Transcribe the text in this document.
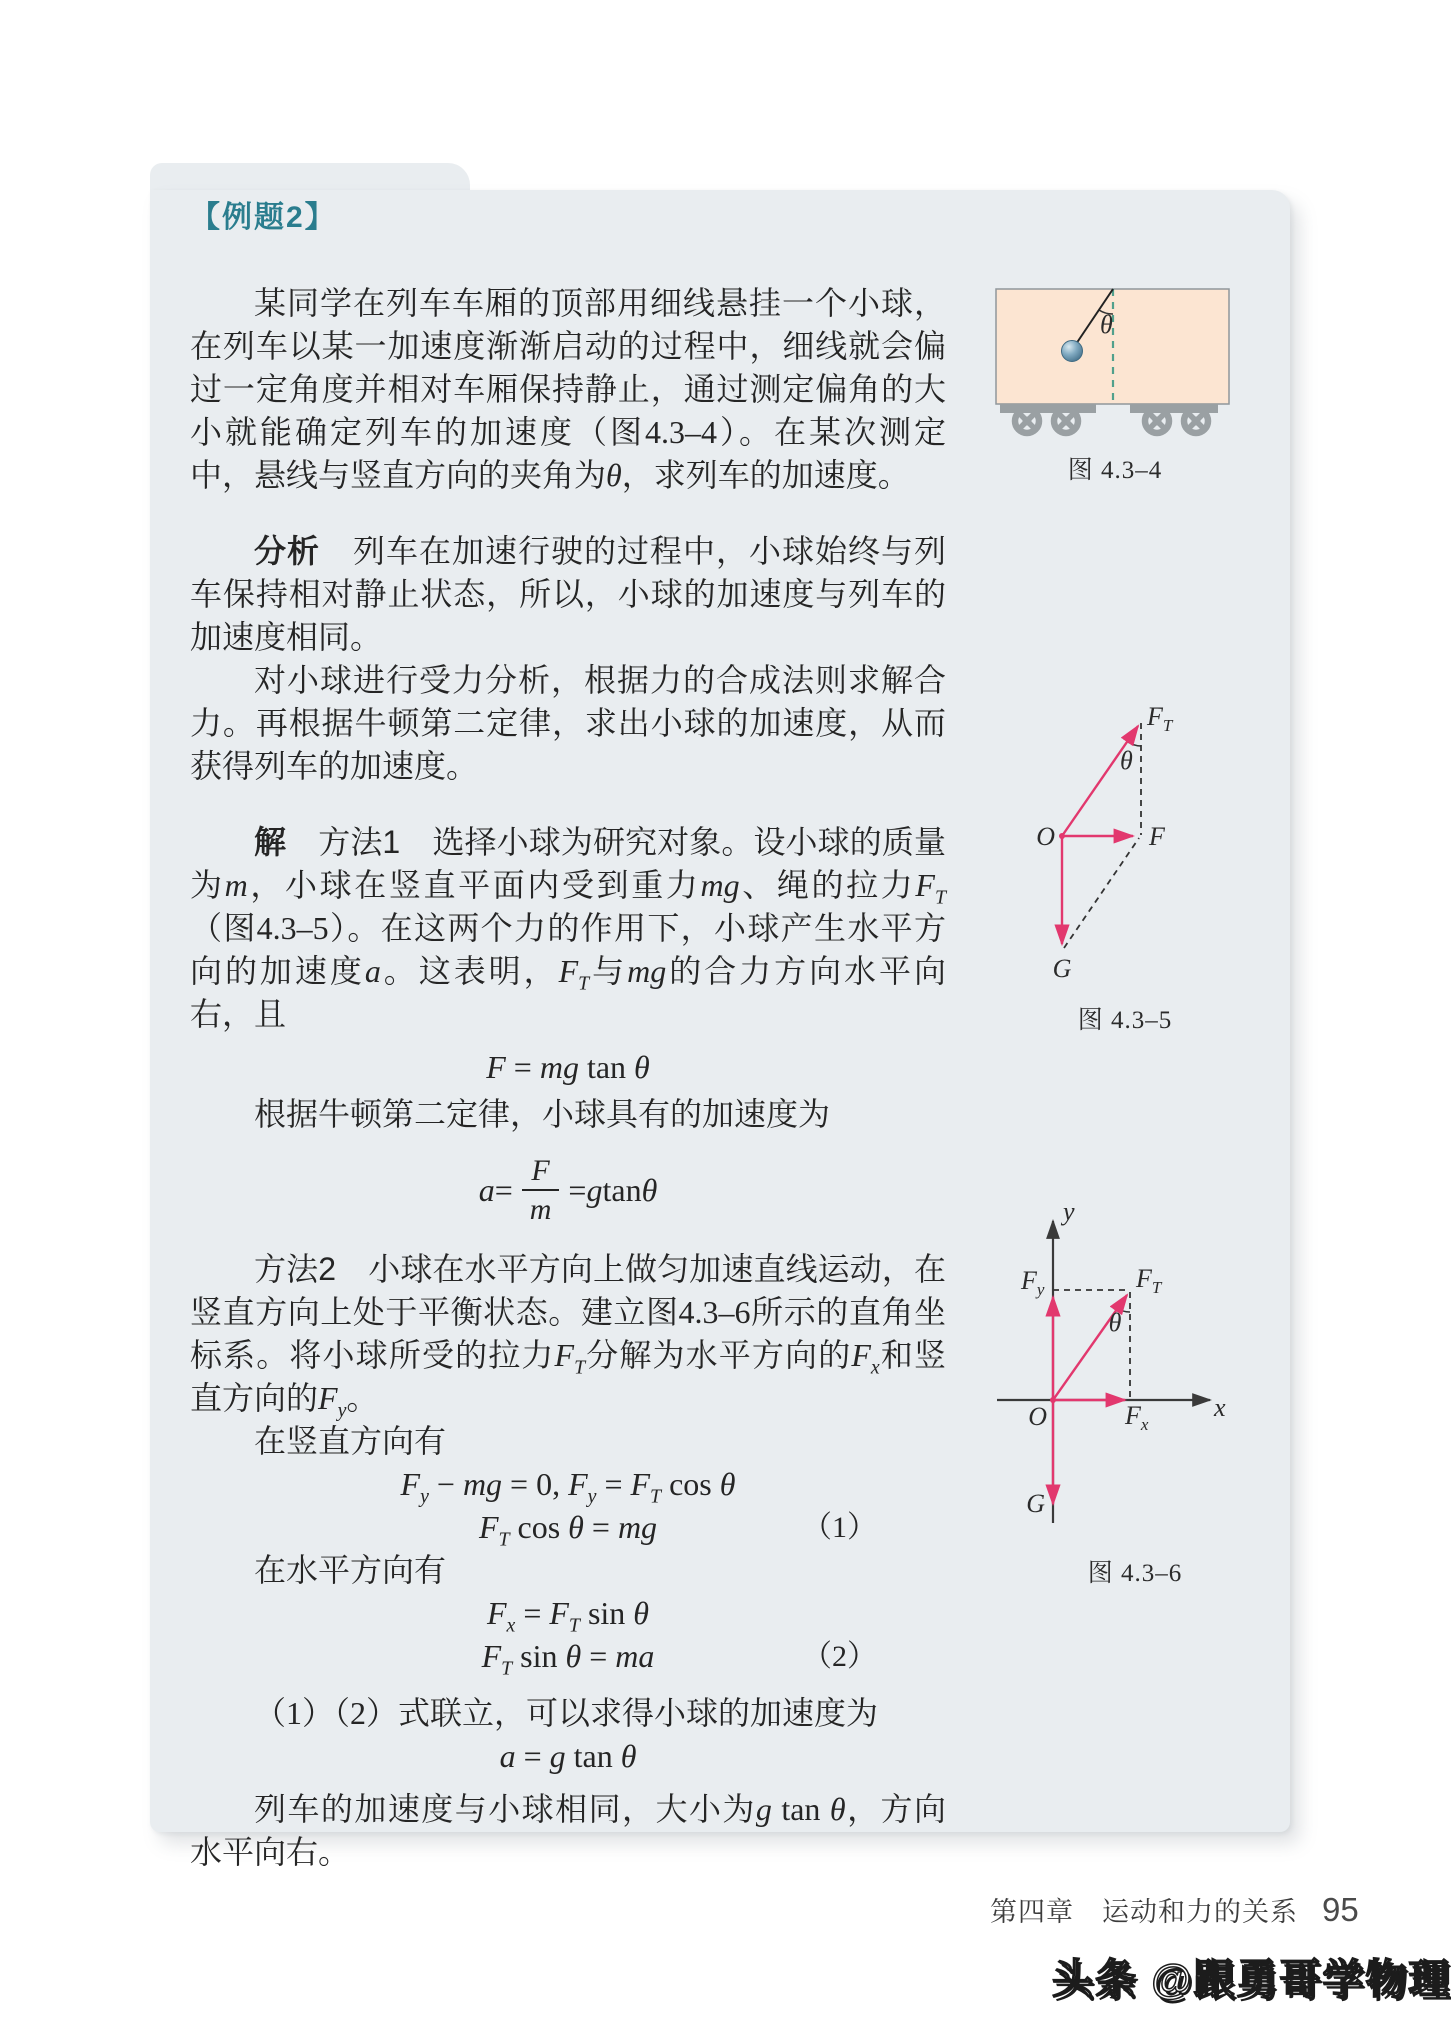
【例题2】

某同学在列车车厢的顶部用细线悬挂一个小球，在列车以某一加速度渐渐启动的过程中，细线就会偏过一定角度并相对车厢保持静止，通过测定偏角的大小就能确定列车的加速度（图4.3–4）。在某次测定中，悬线与竖直方向的夹角为θ，求列车的加速度。

分析　列车在加速行驶的过程中，小球始终与列车保持相对静止状态，所以，小球的加速度与列车的加速度相同。

对小球进行受力分析，根据力的合成法则求解合力。再根据牛顿第二定律，求出小球的加速度，从而获得列车的加速度。

解　 方法1　选择小球为研究对象。设小球的质量为m，小球在竖直平面内受到重力mg、绳的拉力$F_T$（图4.3–5）。在这两个力的作用下，小球产生水平方向的加速度a。这表明，$F_T$与mg的合力方向水平向右，且

F = mg tan θ

根据牛顿第二定律，小球具有的加速度为

$a = \frac{F}{m} = g$ tan θ

方法2　小球在水平方向上做匀加速直线运动，在竖直方向上处于平衡状态。建立图4.3–6所示的直角坐标系。将小球所受的拉力$F_T$分解为水平方向的$F_x$和竖直方向的$F_y$。

在竖直方向有

$F_y$ − mg = 0, $F_y = F_T$ cos θ
$F_T$ cos θ = mg	（1）

在水平方向有

$F_x = F_T$ sin θ
$F_T$ sin θ = ma	（2）

（1）（2）式联立，可以求得小球的加速度为

a = g tan θ

列车的加速度与小球相同，大小为g tan θ，方向水平向右。

θ
图 4.3–4
$F_T$
θ
O	F
G
图 4.3–5
y
x
O
$F_y$	$F_T$
$F_x$
θ
G
图 4.3–6
第四章　运动和力的关系 95
头条 @跟勇哥学物理
